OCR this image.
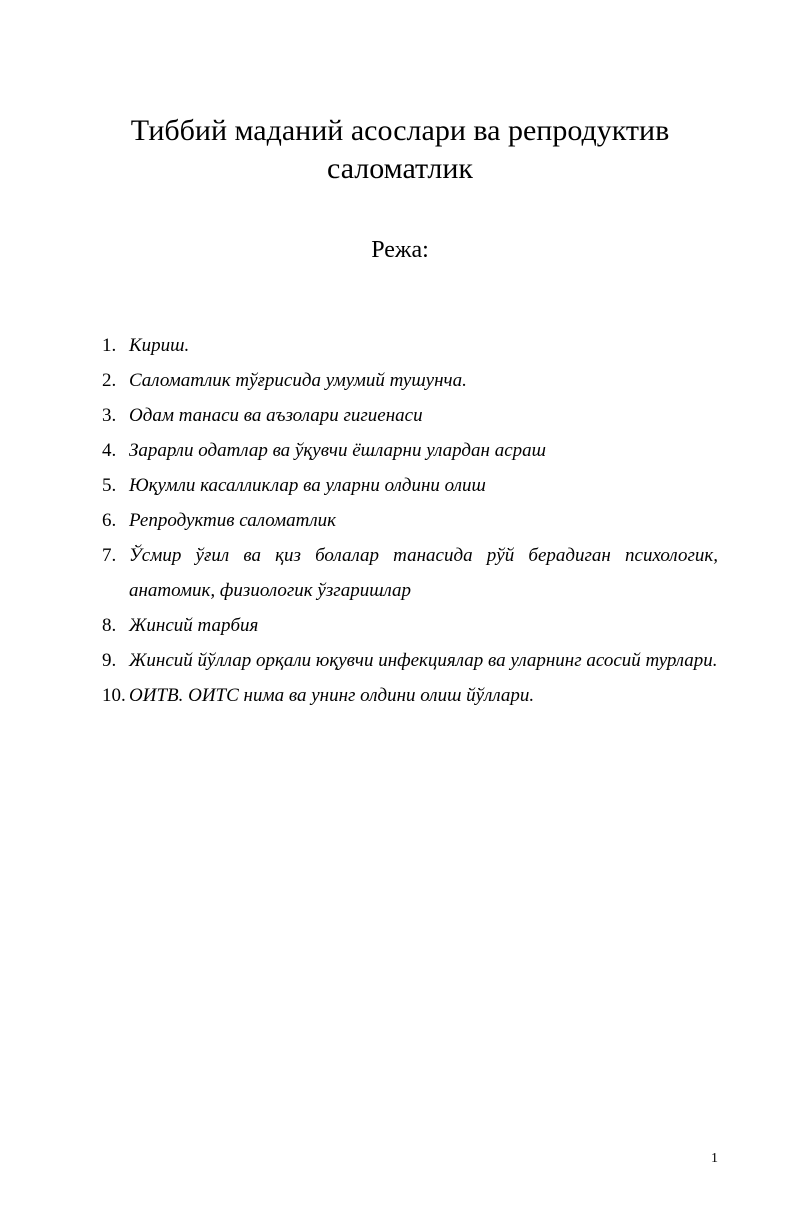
Тиббий маданий асослари ва репродуктив саломатлик
Режа:
1. Кириш.
2. Саломатлик тўғрисида умумий тушунча.
3. Одам танаси ва аъзолари гигиенаси
4. Зарарли одатлар ва ўқувчи ёшларни улардан асраш
5. Юқумли касалликлар ва уларни олдини олиш
6. Репродуктив саломатлик
7. Ўсмир ўғил ва қиз болалар танасида рўй берадиган психологик, анатомик, физиологик ўзгаришлар
8. Жинсий тарбия
9. Жинсий йўллар орқали юқувчи инфекциялар ва уларнинг асосий турлари.
10. ОИТВ. ОИТС нима ва унинг олдини олиш йўллари.
1
